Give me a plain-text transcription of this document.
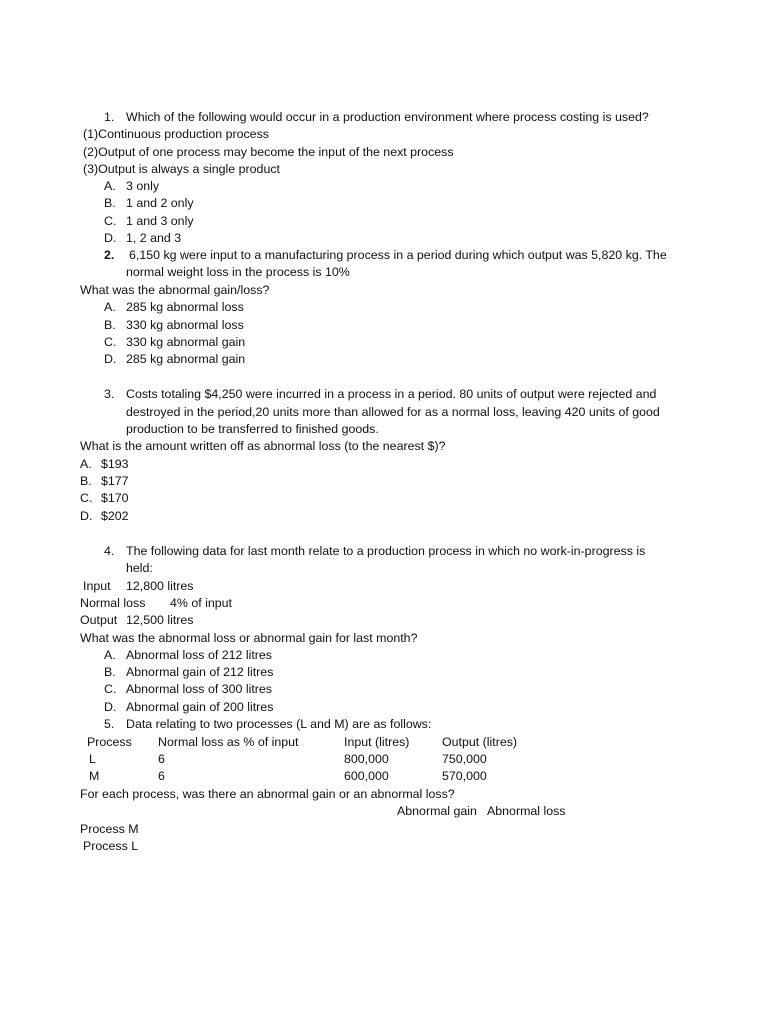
1. Which of the following would occur in a production environment where process costing is used?
(1)Continuous production process
(2)Output of one process may become the input of the next process
(3)Output is always a single product
A. 3 only
B. 1 and 2 only
C. 1 and 3 only
D. 1, 2 and 3
2. 6,150 kg were input to a manufacturing process in a period during which output was 5,820 kg. The
normal weight loss in the process is 10%
What was the abnormal gain/loss?
A. 285 kg abnormal loss
B. 330 kg abnormal loss
C. 330 kg abnormal gain
D. 285 kg abnormal gain
3. Costs totaling $4,250 were incurred in a process in a period. 80 units of output were rejected and
destroyed in the period,20 units more than allowed for as a normal loss, leaving 420 units of good
production to be transferred to finished goods.
What is the amount written off as abnormal loss (to the nearest $)?
A. $193
B. $177
C. $170
D. $202
4. The following data for last month relate to a production process in which no work-in-progress is
held:
Input 12,800 litres
Normal loss 4% of input
Output 12,500 litres
What was the abnormal loss or abnormal gain for last month?
A. Abnormal loss of 212 litres
B. Abnormal gain of 212 litres
C. Abnormal loss of 300 litres
D. Abnormal gain of 200 litres
5. Data relating to two processes (L and M) are as follows:
Process Normal loss as % of input	Input (litres)	Output (litres)
L	6	800,000	750,000
M	6	600,000	570,000
For each process, was there an abnormal gain or an abnormal loss?
Abnormal gain Abnormal loss
Process M
Process L
